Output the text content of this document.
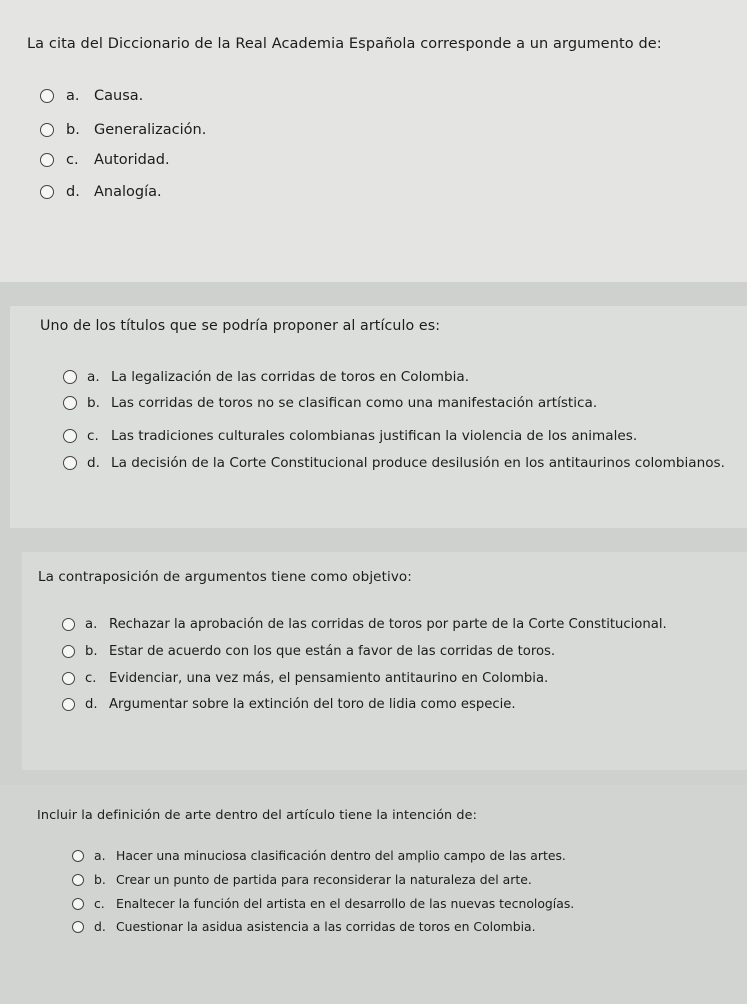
La cita del Diccionario de la Real Academia Española corresponde a un argumento de:
a.	Causa.
b. Generalización.
c.	Autoridad.
d. Analogía.
Uno de los títulos que se podría proponer al artículo es:
a. La legalización de las corridas de toros en Colombia.
b. Las corridas de toros no se clasifican como una manifestación artística.
c. Las tradiciones culturales colombianas justifican la violencia de los animales.
d. La decisión de la Corte Constitucional produce desilusión en los antitaurinos colombianos.
La contraposición de argumentos tiene como objetivo:
a. Rechazar la aprobación de las corridas de toros por parte de la Corte Constitucional.
b. Estar de acuerdo con los que están a favor de las corridas de toros.
c. Evidenciar, una vez más, el pensamiento antitaurino en Colombia.
d. Argumentar sobre la extinción del toro de lidia como especie.
Incluir la definición de arte dentro del artículo tiene la intención de:
a. Hacer una minuciosa clasificación dentro del amplio campo de las artes.
b. Crear un punto de partida para reconsiderar la naturaleza del arte.
c. Enaltecer la función del artista en el desarrollo de las nuevas tecnologías.
d. Cuestionar la asidua asistencia a las corridas de toros en Colombia.
